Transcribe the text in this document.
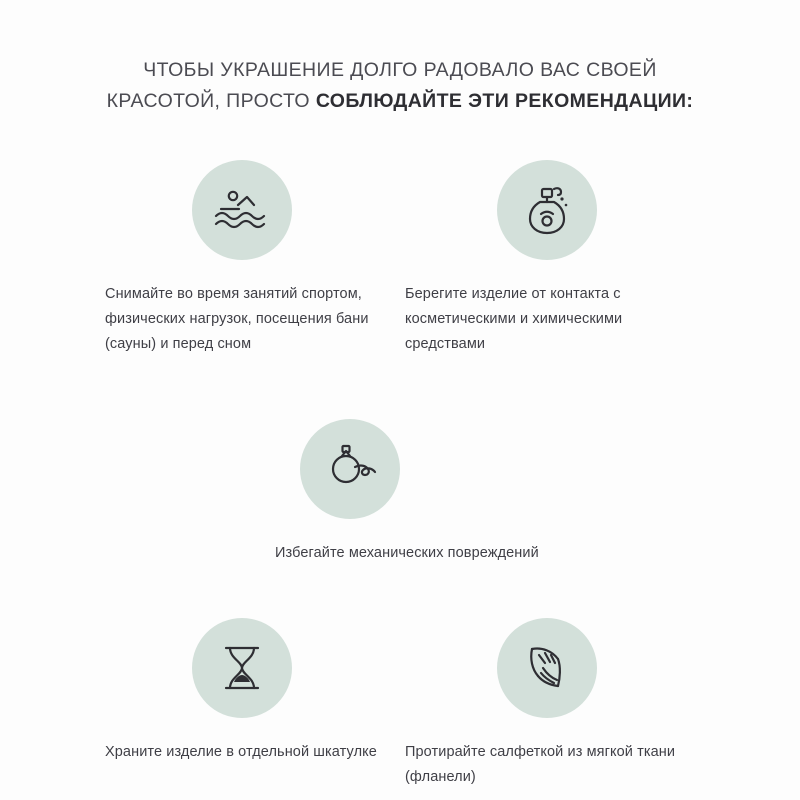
ЧТОБЫ УКРАШЕНИЕ ДОЛГО РАДОВАЛО ВАС СВОЕЙ
КРАСОТОЙ, ПРОСТО СОБЛЮДАЙТЕ ЭТИ РЕКОМЕНДАЦИИ:
Снимайте во время занятий спортом, физических нагрузок, посещения бани (сауны) и перед сном
Берегите изделие от контакта с косметическими и химическими средствами
Избегайте механических повреждений
Храните изделие в отдельной шкатулке	Протирайте салфеткой из мягкой ткани (фланели)
